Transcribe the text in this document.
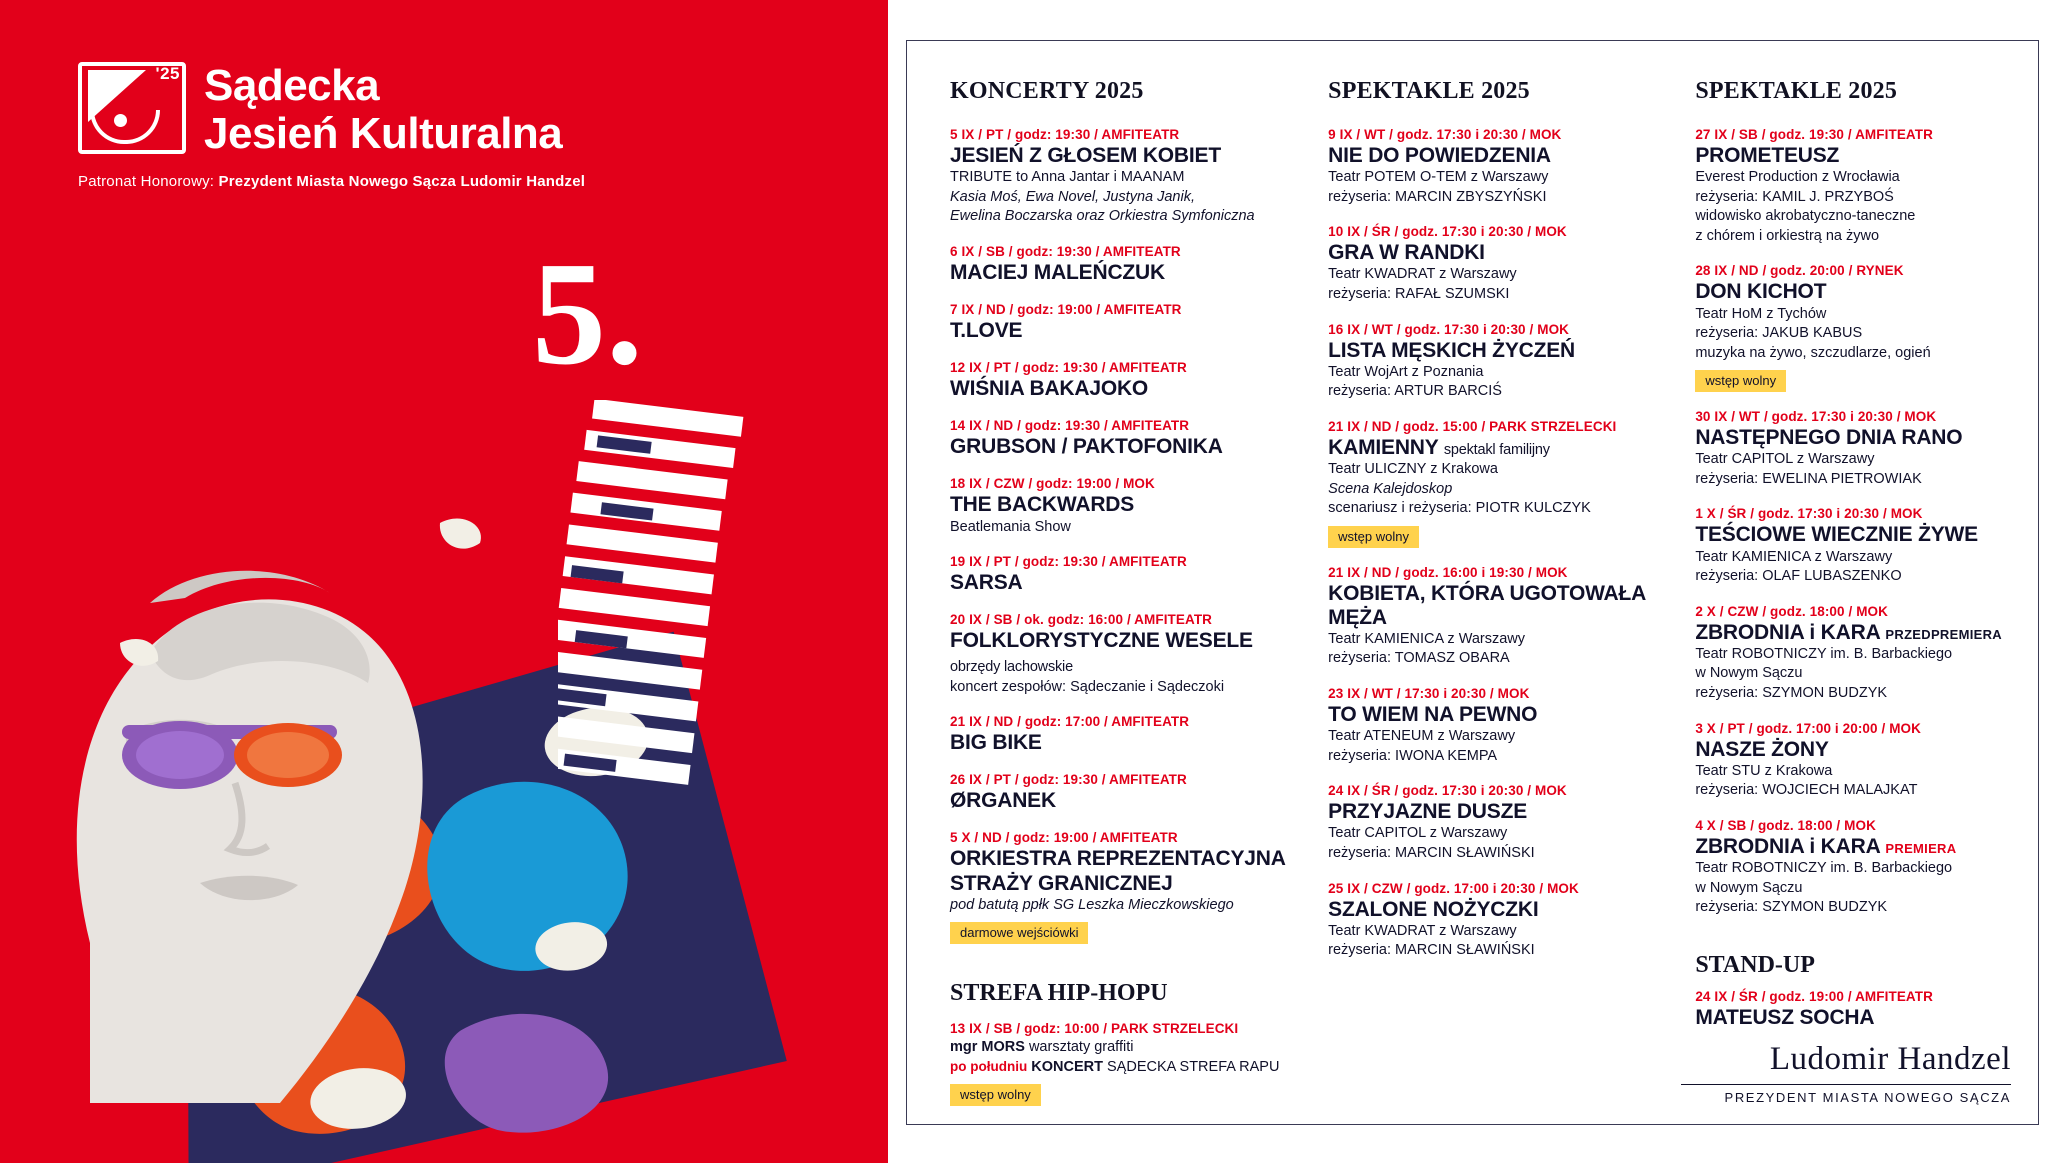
'25 Sądecka
Jesień Kulturalna
Patronat Honorowy: Prezydent Miasta Nowego Sącza Ludomir Handzel
5.
KONCERTY 2025
5 IX / PT / godz: 19:30 / AMFITEATR
JESIEŃ Z GŁOSEM KOBIET
TRIBUTE to Anna Jantar i MAANAM
Kasia Moś, Ewa Novel, Justyna Janik,
Ewelina Boczarska oraz Orkiestra Symfoniczna
6 IX / SB / godz: 19:30 / AMFITEATR
MACIEJ MALEŃCZUK
7 IX / ND / godz: 19:00 / AMFITEATR
T.LOVE
12 IX / PT / godz: 19:30 / AMFITEATR
WIŚNIA BAKAJOKO
14 IX / ND / godz: 19:30 / AMFITEATR
GRUBSON / PAKTOFONIKA
18 IX / CZW / godz: 19:00 / MOK
THE BACKWARDS
Beatlemania Show
19 IX / PT / godz: 19:30 / AMFITEATR
SARSA
20 IX / SB / ok. godz: 16:00 / AMFITEATR
FOLKLORYSTYCZNE WESELE obrzędy lachowskie
koncert zespołów: Sądeczanie i Sądeczoki
21 IX / ND / godz: 17:00 / AMFITEATR
BIG BIKE
26 IX / PT / godz: 19:30 / AMFITEATR
ØRGANEK
5 X / ND / godz: 19:00 / AMFITEATR
ORKIESTRA REPREZENTACYJNA STRAŻY GRANICZNEJ
pod batutą ppłk SG Leszka Mieczkowskiego
darmowe wejściówki
STREFA HIP-HOPU
13 IX / SB / godz: 10:00 / PARK STRZELECKI
mgr MORS warsztaty graffiti
po południu KONCERT SĄDECKA STREFA RAPU
wstęp wolny
SPEKTAKLE 2025
9 IX / WT / godz. 17:30 i 20:30 / MOK
NIE DO POWIEDZENIA
Teatr POTEM O-TEM z Warszawy
reżyseria: MARCIN ZBYSZYŃSKI
10 IX / ŚR / godz. 17:30 i 20:30 / MOK
GRA W RANDKI
Teatr KWADRAT z Warszawy
reżyseria: RAFAŁ SZUMSKI
16 IX / WT / godz. 17:30 i 20:30 / MOK
LISTA MĘSKICH ŻYCZEŃ
Teatr WojArt z Poznania
reżyseria: ARTUR BARCIŚ
21 IX / ND / godz. 15:00 / PARK STRZELECKI
KAMIENNY spektakl familijny
Teatr ULICZNY z Krakowa
Scena Kalejdoskop
scenariusz i reżyseria: PIOTR KULCZYK
wstęp wolny
21 IX / ND / godz. 16:00 i 19:30 / MOK
KOBIETA, KTÓRA UGOTOWAŁA MĘŻA
Teatr KAMIENICA z Warszawy
reżyseria: TOMASZ OBARA
23 IX / WT / 17:30 i 20:30 / MOK
TO WIEM NA PEWNO
Teatr ATENEUM z Warszawy
reżyseria: IWONA KEMPA
24 IX / ŚR / godz. 17:30 i 20:30 / MOK
PRZYJAZNE DUSZE
Teatr CAPITOL z Warszawy
reżyseria: MARCIN SŁAWIŃSKI
25 IX / CZW / godz. 17:00 i 20:30 / MOK
SZALONE NOŻYCZKI
Teatr KWADRAT z Warszawy
reżyseria: MARCIN SŁAWIŃSKI
SPEKTAKLE 2025
27 IX / SB / godz. 19:30 / AMFITEATR
PROMETEUSZ
Everest Production z Wrocławia
reżyseria: KAMIL J. PRZYBOŚ
widowisko akrobatyczno-taneczne
z chórem i orkiestrą na żywo
28 IX / ND / godz. 20:00 / RYNEK
DON KICHOT
Teatr HoM z Tychów
reżyseria: JAKUB KABUS
muzyka na żywo, szczudlarze, ogień
wstęp wolny
30 IX / WT / godz. 17:30 i 20:30 / MOK
NASTĘPNEGO DNIA RANO
Teatr CAPITOL z Warszawy
reżyseria: EWELINA PIETROWIAK
1 X / ŚR / godz. 17:30 i 20:30 / MOK
TEŚCIOWE WIECZNIE ŻYWE
Teatr KAMIENICA z Warszawy
reżyseria: OLAF LUBASZENKO
2 X / CZW / godz. 18:00 / MOK
ZBRODNIA i KARA PRZEDPREMIERA
Teatr ROBOTNICZY im. B. Barbackiego
w Nowym Sączu
reżyseria: SZYMON BUDZYK
3 X / PT / godz. 17:00 i 20:00 / MOK
NASZE ŻONY
Teatr STU z Krakowa
reżyseria: WOJCIECH MALAJKAT
4 X / SB / godz. 18:00 / MOK
ZBRODNIA i KARA PREMIERA
Teatr ROBOTNICZY im. B. Barbackiego
w Nowym Sączu
reżyseria: SZYMON BUDZYK
STAND-UP
24 IX / ŚR / godz. 19:00 / AMFITEATR
MATEUSZ SOCHA
Ludomir Handzel
PREZYDENT MIASTA NOWEGO SĄCZA
